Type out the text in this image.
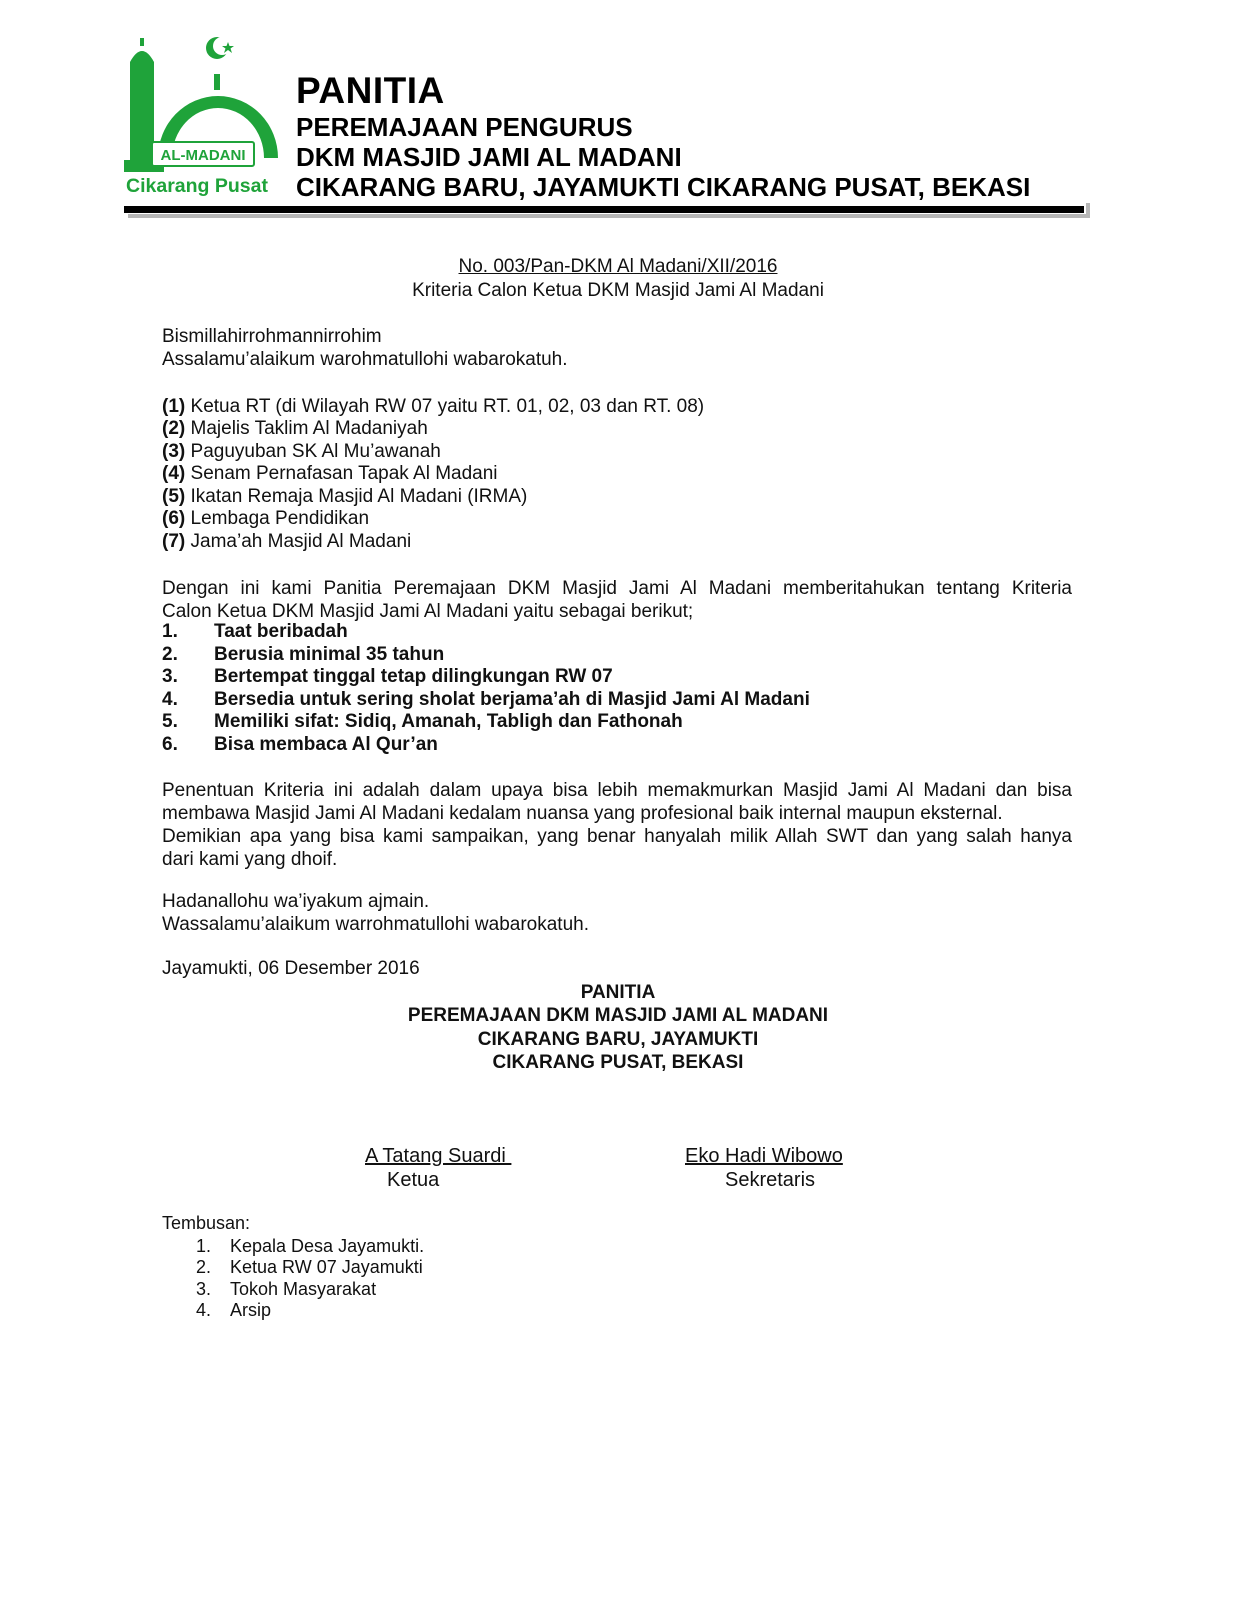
AL-MADANI
Cikarang Pusat
PANITIA
PEREMAJAAN PENGURUS
DKM MASJID JAMI AL MADANI
CIKARANG BARU, JAYAMUKTI CIKARANG PUSAT, BEKASI
No. 003/Pan-DKM Al Madani/XII/2016
Kriteria Calon Ketua DKM Masjid Jami Al Madani
Bismillahirrohmannirrohim
Assalamu’alaikum warohmatullohi wabarokatuh.
(1) Ketua RT (di Wilayah RW 07 yaitu RT. 01, 02, 03 dan RT. 08)
(2) Majelis Taklim Al Madaniyah
(3) Paguyuban SK Al Mu’awanah
(4) Senam Pernafasan Tapak Al Madani
(5) Ikatan Remaja Masjid Al Madani (IRMA)
(6) Lembaga Pendidikan
(7) Jama’ah Masjid Al Madani
Dengan ini kami Panitia Peremajaan DKM Masjid Jami Al Madani memberitahukan tentang Kriteria
Calon Ketua DKM Masjid Jami Al Madani yaitu sebagai berikut;
1. Taat beribadah
2. Berusia minimal 35 tahun
3. Bertempat tinggal tetap dilingkungan RW 07
4. Bersedia untuk sering sholat berjama’ah di Masjid Jami Al Madani
5. Memiliki sifat: Sidiq, Amanah, Tabligh dan Fathonah
6. Bisa membaca Al Qur’an
Penentuan Kriteria ini adalah dalam upaya bisa lebih memakmurkan Masjid Jami Al Madani dan bisa
membawa Masjid Jami Al Madani kedalam nuansa yang profesional baik internal maupun eksternal.
Demikian apa yang bisa kami sampaikan, yang benar hanyalah milik Allah SWT dan yang salah hanya
dari kami yang dhoif.
Hadanallohu wa’iyakum ajmain.
Wassalamu’alaikum warrohmatullohi wabarokatuh.
Jayamukti, 06 Desember 2016
PANITIA
PEREMAJAAN DKM MASJID JAMI AL MADANI
CIKARANG BARU, JAYAMUKTI
CIKARANG PUSAT, BEKASI
A Tatang Suardi
Ketua
Eko Hadi Wibowo
Sekretaris
Tembusan:
1. Kepala Desa Jayamukti.
2. Ketua RW 07 Jayamukti
3. Tokoh Masyarakat
4. Arsip
